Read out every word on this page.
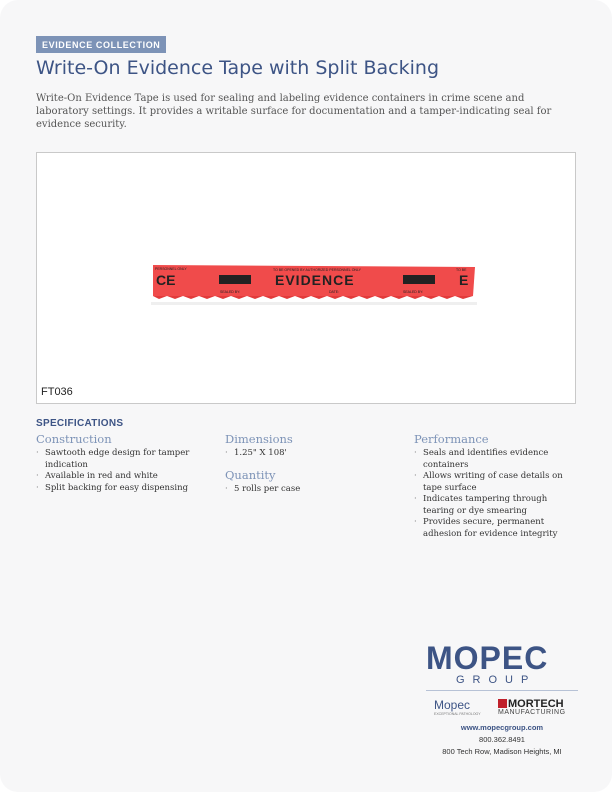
EVIDENCE COLLECTION
Write-On Evidence Tape with Split Backing
Write-On Evidence Tape is used for sealing and labeling evidence containers in crime scene and laboratory settings. It provides a writable surface for documentation and a tamper-indicating seal for evidence security.
PERSONNEL ONLY	TO BE OPENED BY AUTHORIZED PERSONNEL ONLY	TO BE
CE	EVIDENCE	E
SEALED BY:	DATE:	SEALED BY:
FT036
SPECIFICATIONS
Construction
· Sawtooth edge design for tamper indication
· Available in red and white
· Split backing for easy dispensing
Dimensions
· 1.25" X 108'
Quantity
· 5 rolls per case
Performance
· Seals and identifies evidence containers
· Allows writing of case details on tape surface
· Indicates tampering through tearing or dye smearing
· Provides secure, permanent adhesion for evidence integrity
MOPEC
GROUP
Mopec
EXCEPTIONAL PATHOLOGY
MORTECH
MANUFACTURING
www.mopecgroup.com
800.362.8491
800 Tech Row, Madison Heights, MI
